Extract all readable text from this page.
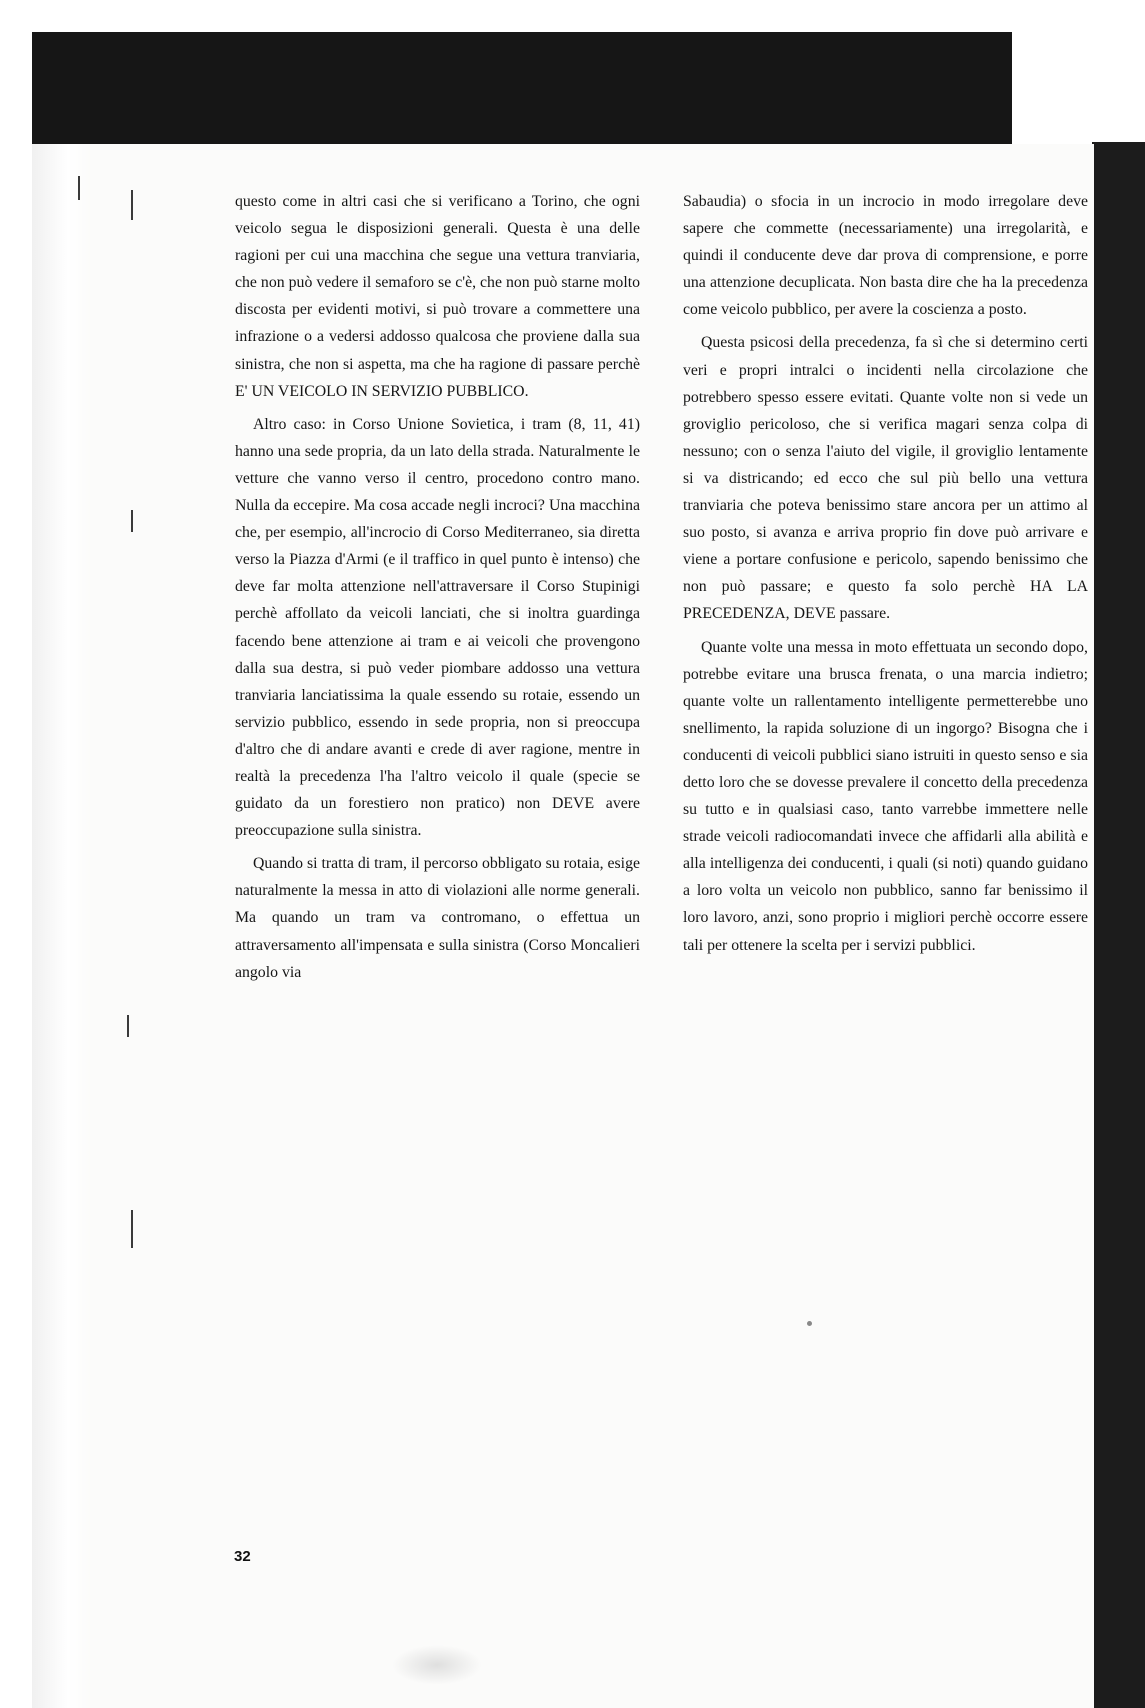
questo come in altri casi che si verificano a Torino, che ogni veicolo segua le disposizioni generali. Questa è una delle ragioni per cui una macchina che segue una vettura tranviaria, che non può vedere il semaforo se c'è, che non può starne molto discosta per evidenti motivi, si può trovare a commettere una infrazione o a vedersi addosso qualcosa che proviene dalla sua sinistra, che non si aspetta, ma che ha ragione di passare perchè E' UN VEICOLO IN SERVIZIO PUBBLICO.

Altro caso: in Corso Unione Sovietica, i tram (8, 11, 41) hanno una sede propria, da un lato della strada. Naturalmente le vetture che vanno verso il centro, procedono contro mano. Nulla da eccepire. Ma cosa accade negli incroci? Una macchina che, per esempio, all'incrocio di Corso Mediterraneo, sia diretta verso la Piazza d'Armi (e il traffico in quel punto è intenso) che deve far molta attenzione nell'attraversare il Corso Stupinigi perchè affollato da veicoli lanciati, che si inoltra guardinga facendo bene attenzione ai tram e ai veicoli che provengono dalla sua destra, si può veder piombare addosso una vettura tranviaria lanciatissima la quale essendo su rotaie, essendo un servizio pubblico, essendo in sede propria, non si preoccupa d'altro che di andare avanti e crede di aver ragione, mentre in realtà la precedenza l'ha l'altro veicolo il quale (specie se guidato da un forestiero non pratico) non DEVE avere preoccupazione sulla sinistra.

Quando si tratta di tram, il percorso obbligato su rotaia, esige naturalmente la messa in atto di violazioni alle norme generali. Ma quando un tram va contromano, o effettua un attraversamento all'impensata e sulla sinistra (Corso Moncalieri angolo via

Sabaudia) o sfocia in un incrocio in modo irregolare deve sapere che commette (necessariamente) una irregolarità, e quindi il conducente deve dar prova di comprensione, e porre una attenzione decuplicata. Non basta dire che ha la precedenza come veicolo pubblico, per avere la coscienza a posto.

Questa psicosi della precedenza, fa sì che si determino certi veri e propri intralci o incidenti nella circolazione che potrebbero spesso essere evitati. Quante volte non si vede un groviglio pericoloso, che si verifica magari senza colpa di nessuno; con o senza l'aiuto del vigile, il groviglio lentamente si va districando; ed ecco che sul più bello una vettura tranviaria che poteva benissimo stare ancora per un attimo al suo posto, si avanza e arriva proprio fin dove può arrivare e viene a portare confusione e pericolo, sapendo benissimo che non può passare; e questo fa solo perchè HA LA PRECEDENZA, DEVE passare.

Quante volte una messa in moto effettuata un secondo dopo, potrebbe evitare una brusca frenata, o una marcia indietro; quante volte un rallentamento intelligente permetterebbe uno snellimento, la rapida soluzione di un ingorgo? Bisogna che i conducenti di veicoli pubblici siano istruiti in questo senso e sia detto loro che se dovesse prevalere il concetto della precedenza su tutto e in qualsiasi caso, tanto varrebbe immettere nelle strade veicoli radiocomandati invece che affidarli alla abilità e alla intelligenza dei conducenti, i quali (si noti) quando guidano a loro volta un veicolo non pubblico, sanno far benissimo il loro lavoro, anzi, sono proprio i migliori perchè occorre essere tali per ottenere la scelta per i servizi pubblici.

32
